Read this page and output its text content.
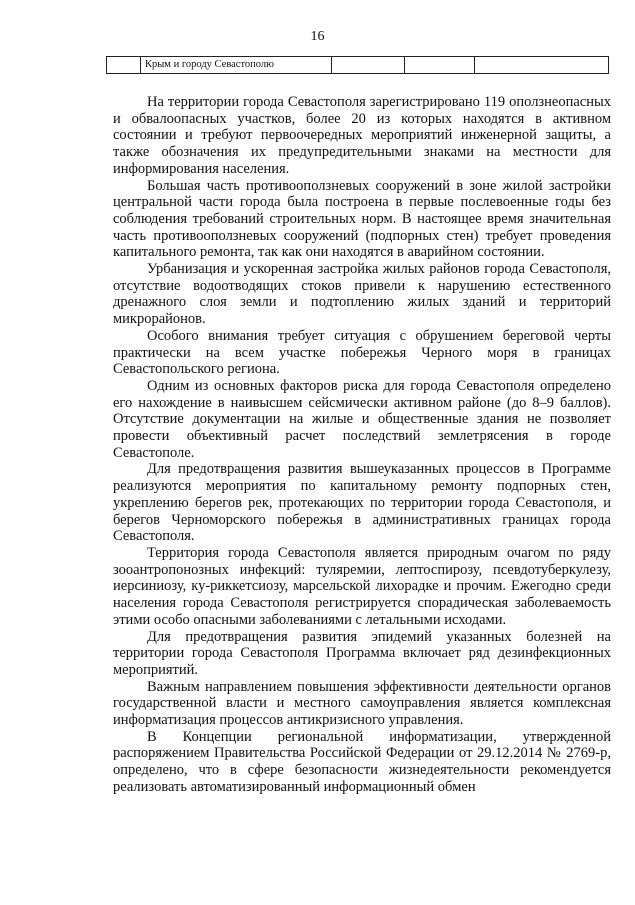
16
Крым и городу Севастополю

На территории города Севастополя зарегистрировано 119 оползнеопасных и обвалоопасных участков, более 20 из которых находятся в активном состоянии и требуют первоочередных мероприятий инженерной защиты, а также обозначения их предупредительными знаками на местности для информирования населения.

Большая часть противооползневых сооружений в зоне жилой застройки центральной части города была построена в первые послевоенные годы без соблюдения требований строительных норм. В настоящее время значительная часть противооползневых сооружений (подпорных стен) требует проведения капитального ремонта, так как они находятся в аварийном состоянии.

Урбанизация и ускоренная застройка жилых районов города Севастополя, отсутствие водоотводящих стоков привели к нарушению естественного дренажного слоя земли и подтоплению жилых зданий и территорий микрорайонов.

Особого внимания требует ситуация с обрушением береговой черты практически на всем участке побережья Черного моря в границах Севастопольского региона.

Одним из основных факторов риска для города Севастополя определено его нахождение в наивысшем сейсмически активном районе (до 8–9 баллов). Отсутствие документации на жилые и общественные здания не позволяет провести объективный расчет последствий землетрясения в городе Севастополе.

Для предотвращения развития вышеуказанных процессов в Программе реализуются мероприятия по капитальному ремонту подпорных стен, укреплению берегов рек, протекающих по территории города Севастополя, и берегов Черноморского побережья в административных границах города Севастополя.

Территория города Севастополя является природным очагом по ряду зооантропонозных инфекций: туляремии, лептоспирозу, псевдотуберкулезу, иерсиниозу, ку-риккетсиозу, марсельской лихорадке и прочим. Ежегодно среди населения города Севастополя регистрируется спорадическая заболеваемость этими особо опасными заболеваниями с летальными исходами.

Для предотвращения развития эпидемий указанных болезней на территории города Севастополя Программа включает ряд дезинфекционных мероприятий.

Важным направлением повышения эффективности деятельности органов государственной власти и местного самоуправления является комплексная информатизация процессов антикризисного управления.

В Концепции региональной информатизации, утвержденной распоряжением Правительства Российской Федерации от 29.12.2014 № 2769-р, определено, что в сфере безопасности жизнедеятельности рекомендуется реализовать автоматизированный информационный обмен
